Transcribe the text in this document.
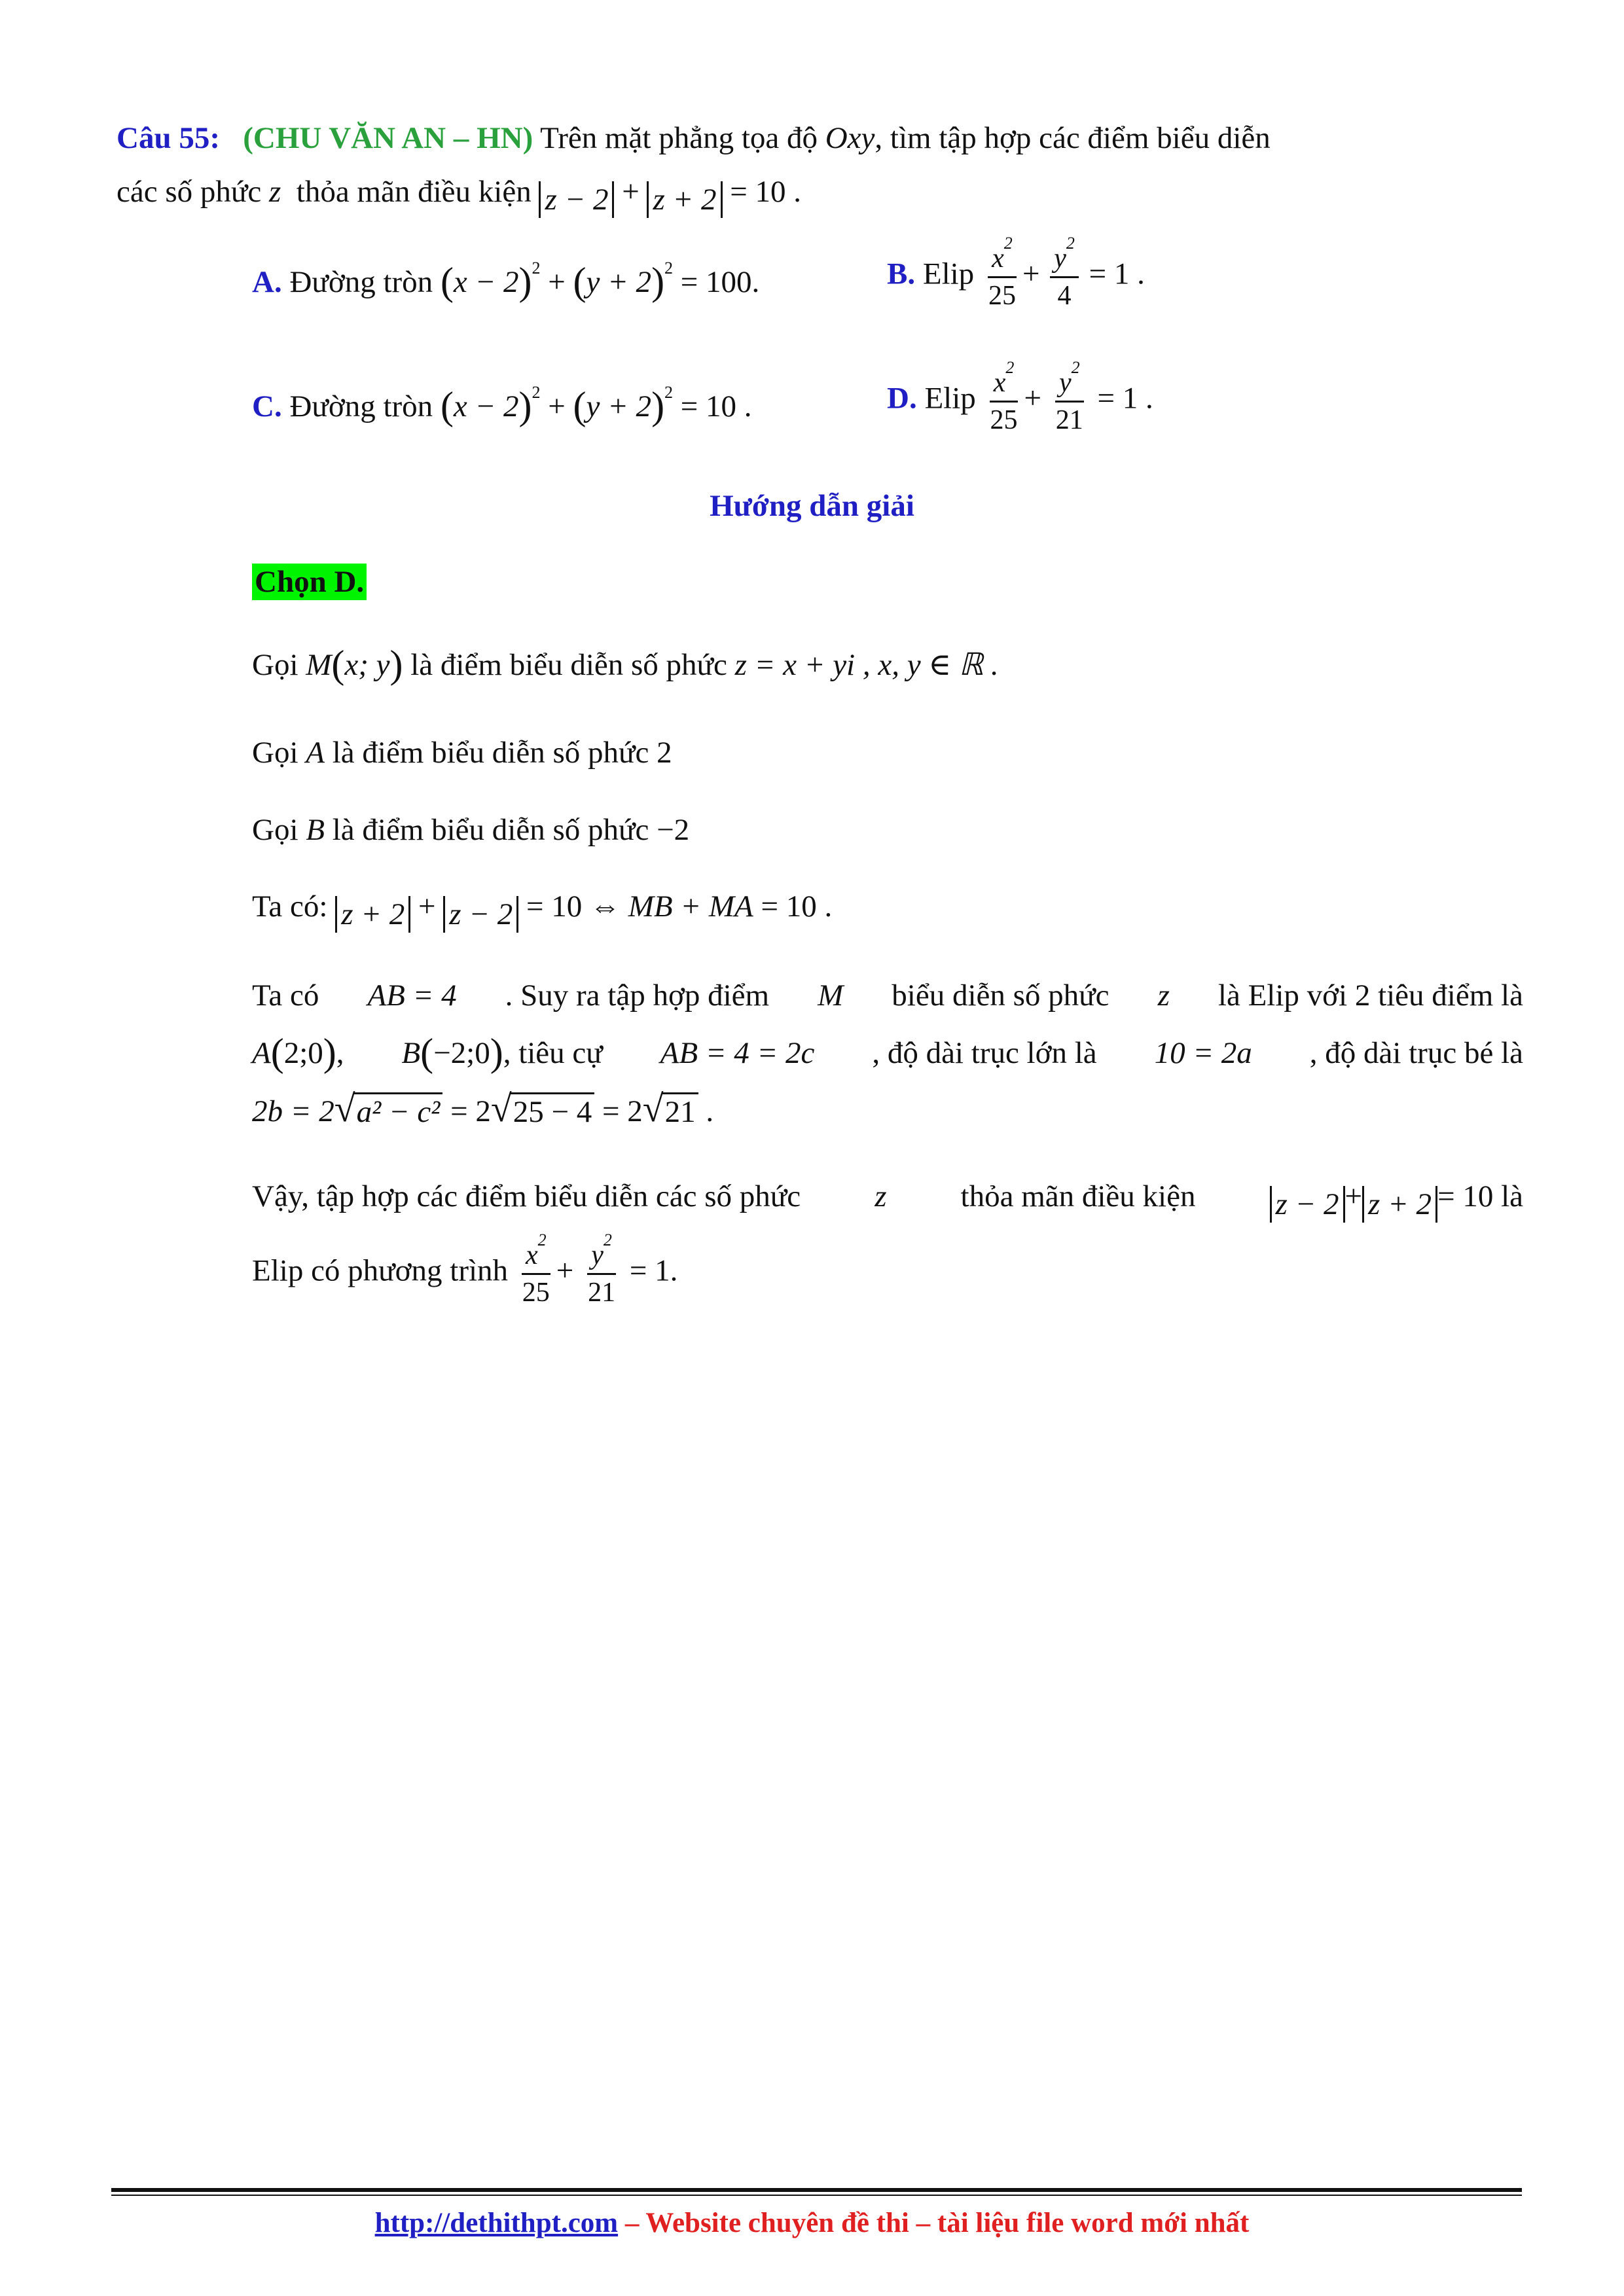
Câu 55: (CHU VĂN AN – HN) Trên mặt phẳng tọa độ Oxy, tìm tập hợp các điểm biểu diễn
các số phức z thỏa mãn điều kiện z − 2 + z + 2 = 10 .
A. Đường tròn $(x - 2)^2 + (y + 2)^2 = 100$.	B. Elip $\frac{x^2}{25} + \frac{y^2}{4} = 1$ .
C. Đường tròn $(x - 2)^2 + (y + 2)^2 = 10$ .	D. Elip $\frac{x^2}{25} + \frac{y^2}{21} = 1$ .
Hướng dẫn giải
Chọn D.
Gọi M(x; y) là điểm biểu diễn số phức z = x + yi , x, y ∈ ℝ .
Gọi A là điểm biểu diễn số phức 2
Gọi B là điểm biểu diễn số phức −2
Ta có: z + 2 + z − 2 = 10 ⇔ MB + MA = 10 .
Ta có AB = 4 . Suy ra tập hợp điểm M biểu diễn số phức z là Elip với 2 tiêu điểm là
A(2;0), B(−2;0), tiêu cự AB = 4 = 2c , độ dài trục lớn là 10 = 2a , độ dài trục bé là
2b = 2 √ a² − c² = 2 √ 25 − 4 = 2 √ 21 .
Vậy, tập hợp các điểm biểu diễn các số phức z thỏa mãn điều kiện	z − 2 + z + 2 = 10 là
Elip có phương trình $\frac{x^2}{25} + \frac{y^2}{21} = 1$.
http://dethithpt.com – Website chuyên đề thi – tài liệu file word mới nhất
